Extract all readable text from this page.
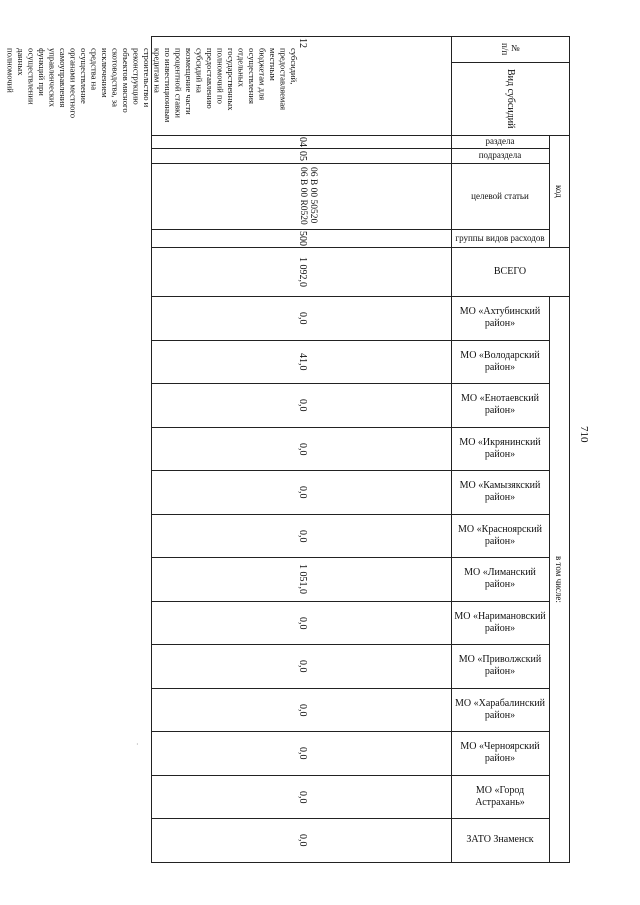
710
№
п/п
Вид субсидий
код
раздела
подраздела
целевой статьи
группы видов расходов
ВСЕГО
в том числе:
12
субсидий,
предоставляемая
местным
бюджетам для
осуществления
отдельных
государственных
полномочий по
предоставлению
субсидий на
возмещение части
процентной ставки
по инвестиционным
кредитам на
строительство и
реконструкцию
объектов мясного
скотоводства, за
исключением
средства на
осуществление
органами местного
самоуправления
управленческих
функций при
осуществлении
данных
полномочий
04
05
06 В 00 50520
06 В 00 R0520
500
1 092,0
МО «Ахтубинский район»
0,0
МО «Володарский район»
41,0
МО «Енотаевский район»
0,0
МО «Икрянинский район»
0,0
МО «Камызякский район»
0,0
МО «Красноярский район»
0,0
МО «Лиманский район»
1 051,0
МО «Наримановский район»
0,0
МО «Приволжский район»
0,0
МО «Харабалинский район»
0,0
МО «Черноярский район»
0,0
МО «Город Астрахань»
0,0
ЗАТО Знаменск
0,0
·
